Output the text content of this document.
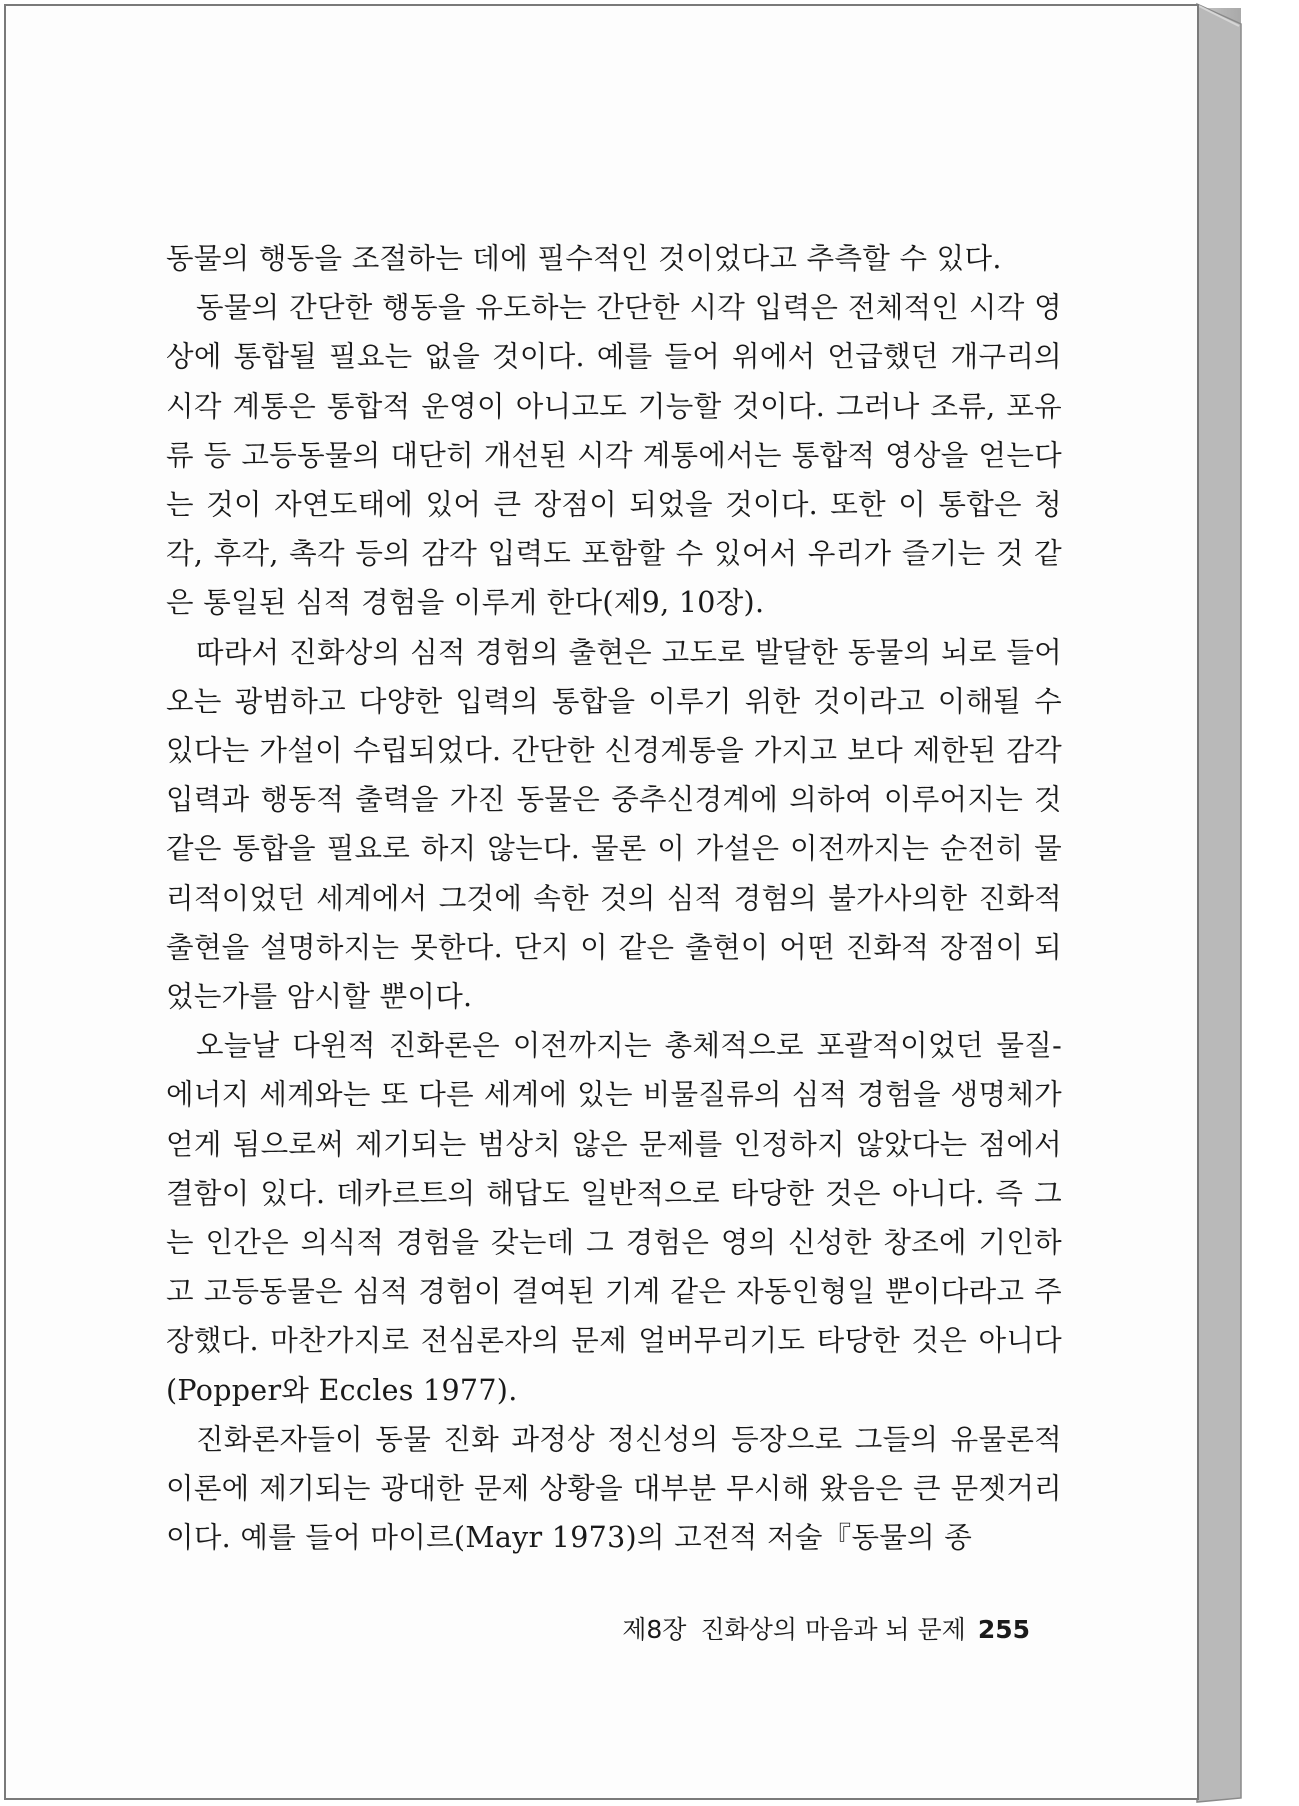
동물의 행동을 조절하는 데에 필수적인 것이었다고 추측할 수 있다.

동물의 간단한 행동을 유도하는 간단한 시각 입력은 전체적인 시각 영상에 통합될 필요는 없을 것이다. 예를 들어 위에서 언급했던 개구리의 시각 계통은 통합적 운영이 아니고도 기능할 것이다. 그러나 조류, 포유류 등 고등동물의 대단히 개선된 시각 계통에서는 통합적 영상을 얻는다는 것이 자연도태에 있어 큰 장점이 되었을 것이다. 또한 이 통합은 청각, 후각, 촉각 등의 감각 입력도 포함할 수 있어서 우리가 즐기는 것 같은 통일된 심적 경험을 이루게 한다(제9, 10장).

따라서 진화상의 심적 경험의 출현은 고도로 발달한 동물의 뇌로 들어오는 광범하고 다양한 입력의 통합을 이루기 위한 것이라고 이해될 수 있다는 가설이 수립되었다. 간단한 신경계통을 가지고 보다 제한된 감각 입력과 행동적 출력을 가진 동물은 중추신경계에 의하여 이루어지는 것 같은 통합을 필요로 하지 않는다. 물론 이 가설은 이전까지는 순전히 물리적이었던 세계에서 그것에 속한 것의 심적 경험의 불가사의한 진화적 출현을 설명하지는 못한다. 단지 이 같은 출현이 어떤 진화적 장점이 되었는가를 암시할 뿐이다.

오늘날 다윈적 진화론은 이전까지는 총체적으로 포괄적이었던 물질-에너지 세계와는 또 다른 세계에 있는 비물질류의 심적 경험을 생명체가 얻게 됨으로써 제기되는 범상치 않은 문제를 인정하지 않았다는 점에서 결함이 있다. 데카르트의 해답도 일반적으로 타당한 것은 아니다. 즉 그는 인간은 의식적 경험을 갖는데 그 경험은 영의 신성한 창조에 기인하고 고등동물은 심적 경험이 결여된 기계 같은 자동인형일 뿐이다라고 주장했다. 마찬가지로 전심론자의 문제 얼버무리기도 타당한 것은 아니다(Popper와 Eccles 1977).

진화론자들이 동물 진화 과정상 정신성의 등장으로 그들의 유물론적 이론에 제기되는 광대한 문제 상황을 대부분 무시해 왔음은 큰 문젯거리이다. 예를 들어 마이르(Mayr 1973)의 고전적 저술『동물의 종

제8장 진화상의 마음과 뇌 문제 255
